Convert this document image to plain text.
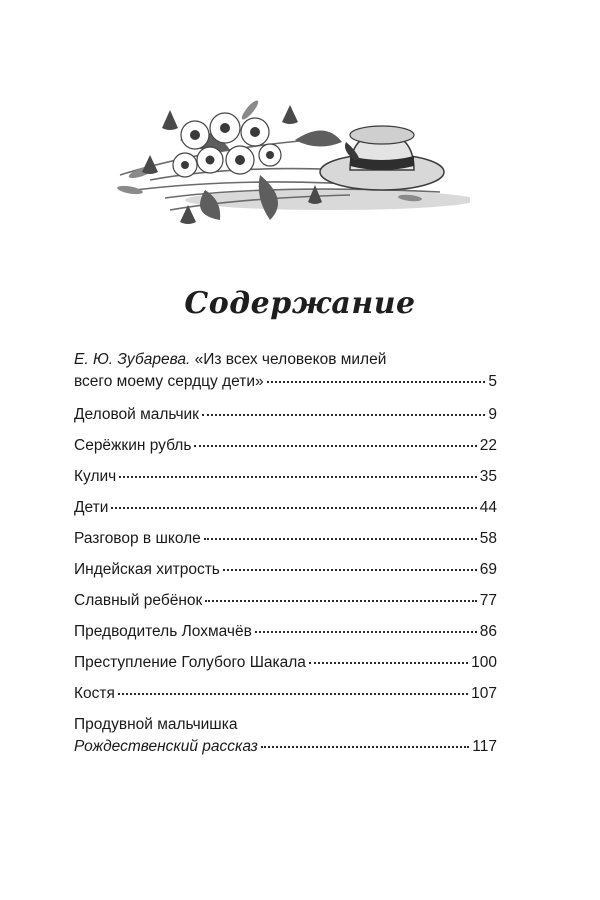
Содержание
Е. Ю. Зубарева. «Из всех человеков милей
всего моему сердцу дети»	5
Деловой мальчик	9
Серёжкин рубль	22
Кулич	35
Дети	44
Разговор в школе	58
Индейская хитрость	69
Славный ребёнок	77
Предводитель Лохмачёв	86
Преступление Голубого Шакала	100
Костя	107
Продувной мальчишка
Рождественский рассказ	117
